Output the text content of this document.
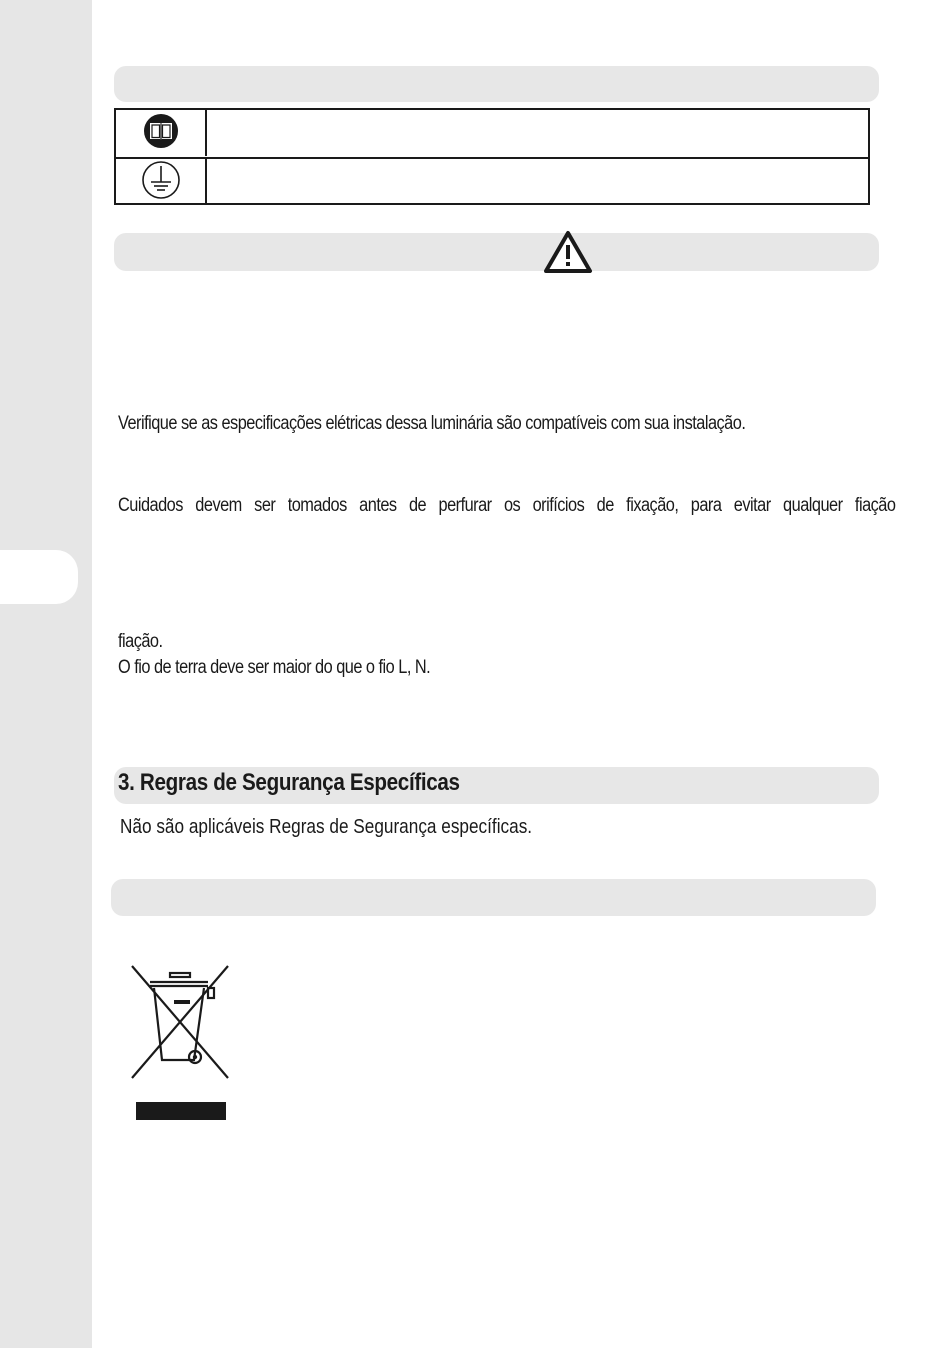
Verifique se as especificações elétricas dessa luminária são compatíveis com sua instalação.
Cuidados devem ser tomados antes de perfurar os orifícios de fixação, para evitar qualquer fiação
fiação.
O fio de terra deve ser maior do que o fio L, N.
3. Regras de Segurança Específicas
Não são aplicáveis Regras de Segurança específicas.
